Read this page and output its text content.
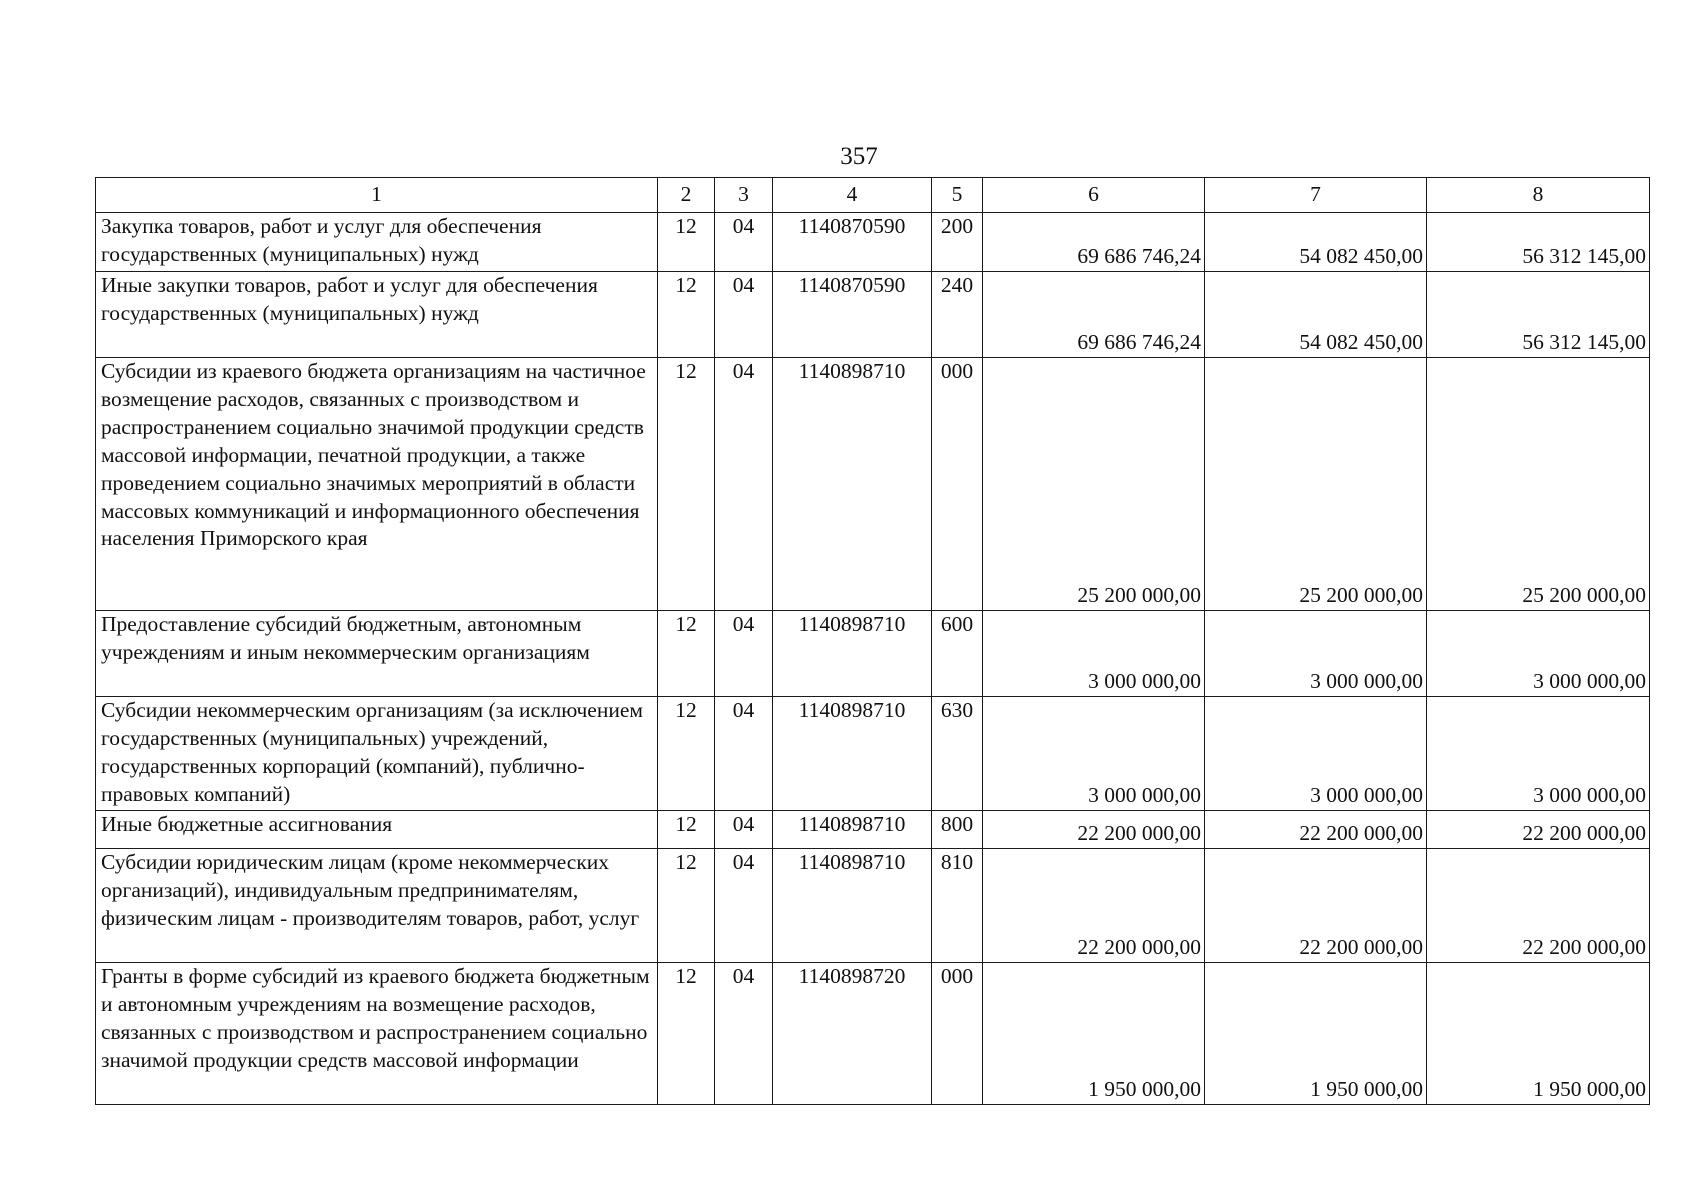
357
1	2	3	4	5	6	7	8
Закупка товаров, работ и услуг для обеспечения государственных (муниципальных) нужд	12	04	1140870590	200	69 686 746,24	54 082 450,00	56 312 145,00
Иные закупки товаров, работ и услуг для обеспечения государственных (муниципальных) нужд	12	04	1140870590	240	69 686 746,24	54 082 450,00	56 312 145,00
Субсидии из краевого бюджета организациям на частичное возмещение расходов, связанных с производством и распространением социально значимой продукции средств массовой информации, печатной продукции, а также проведением социально значимых мероприятий в области массовых коммуникаций и информационного обеспечения населения Приморского края	12	04	1140898710	000	25 200 000,00	25 200 000,00	25 200 000,00
Предоставление субсидий бюджетным, автономным учреждениям и иным некоммерческим организациям	12	04	1140898710	600	3 000 000,00	3 000 000,00	3 000 000,00
Субсидии некоммерческим организациям (за исключением государственных (муниципальных) учреждений, государственных корпораций (компаний), публично-правовых компаний)	12	04	1140898710	630	3 000 000,00	3 000 000,00	3 000 000,00
Иные бюджетные ассигнования	12	04	1140898710	800	22 200 000,00	22 200 000,00	22 200 000,00
Субсидии юридическим лицам (кроме некоммерческих организаций), индивидуальным предпринимателям, физическим лицам - производителям товаров, работ, услуг	12	04	1140898710	810	22 200 000,00	22 200 000,00	22 200 000,00
Гранты в форме субсидий из краевого бюджета бюджетным и автономным учреждениям на возмещение расходов, связанных с производством и распространением социально значимой продукции средств массовой информации	12	04	1140898720	000	1 950 000,00	1 950 000,00	1 950 000,00
